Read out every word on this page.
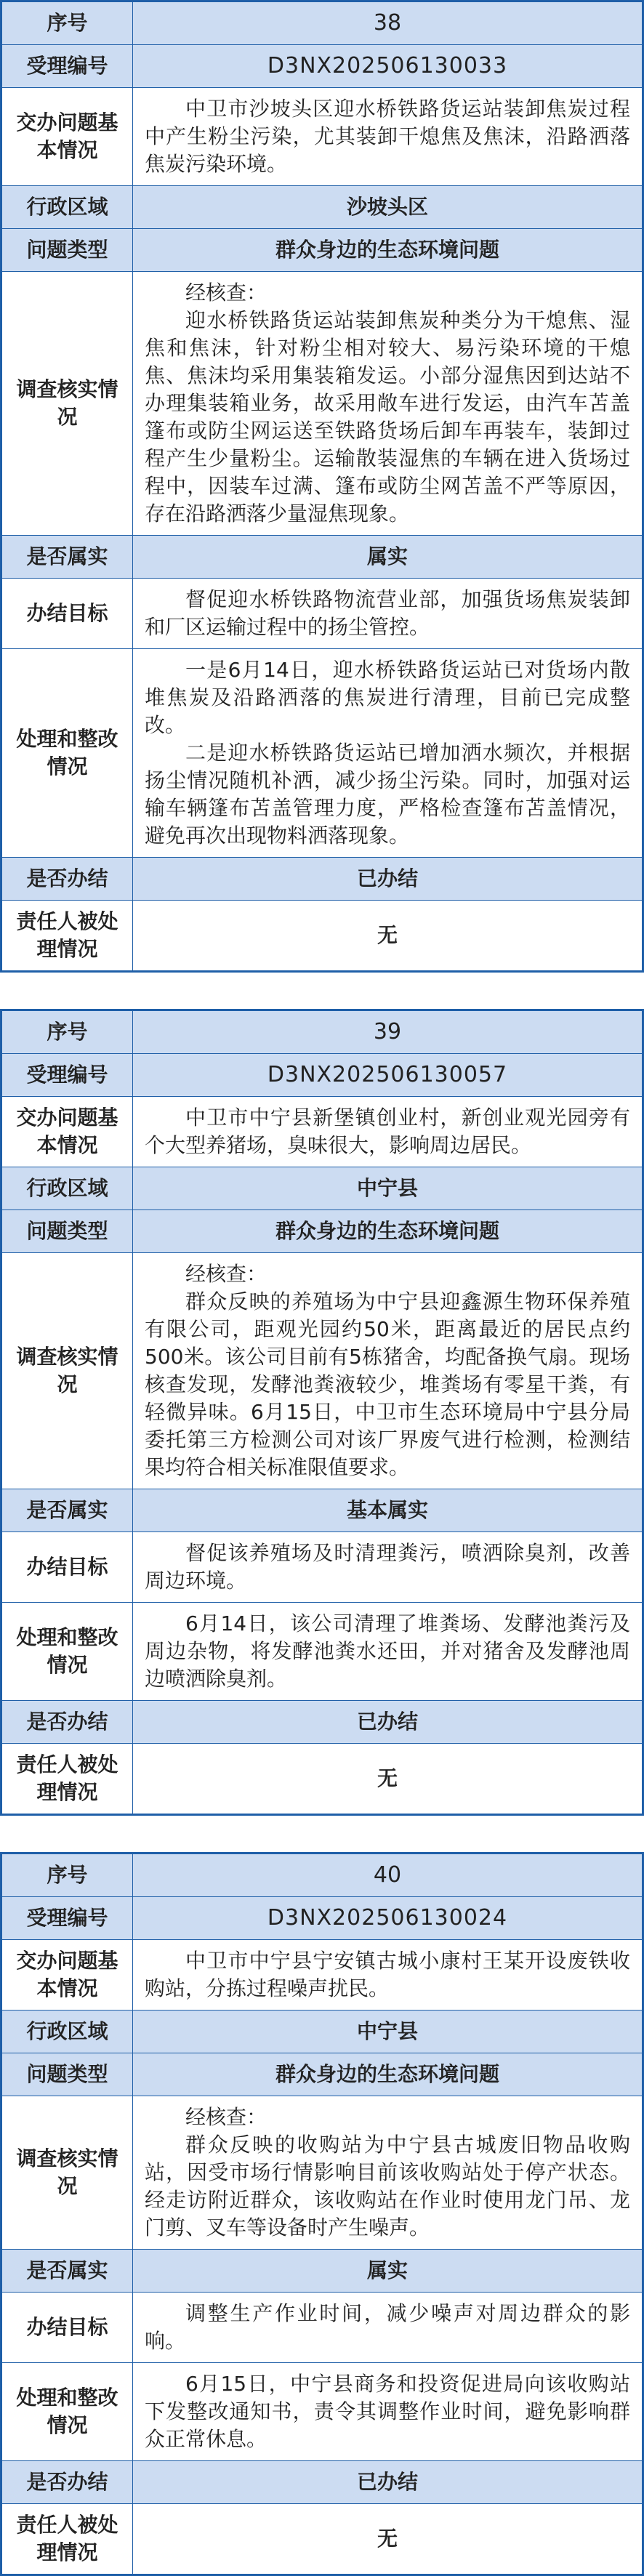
序号	38
受理编号	D3NX202506130033
交办问题基本情况	中卫市沙坡头区迎水桥铁路货运站装卸焦炭过程中产生粉尘污染，尤其装卸干熄焦及焦沫，沿路洒落焦炭污染环境。
行政区域	沙坡头区
问题类型	群众身边的生态环境问题
调查核实情况	经核查：
迎水桥铁路货运站装卸焦炭种类分为干熄焦、湿焦和焦沫，针对粉尘相对较大、易污染环境的干熄焦、焦沫均采用集装箱发运。小部分湿焦因到达站不办理集装箱业务，故采用敞车进行发运，由汽车苫盖篷布或防尘网运送至铁路货场后卸车再装车，装卸过程产生少量粉尘。运输散装湿焦的车辆在进入货场过程中，因装车过满、篷布或防尘网苫盖不严等原因，存在沿路洒落少量湿焦现象。

是否属实	属实
办结目标	督促迎水桥铁路物流营业部，加强货场焦炭装卸和厂区运输过程中的扬尘管控。
处理和整改情况	一是6月14日，迎水桥铁路货运站已对货场内散堆焦炭及沿路洒落的焦炭进行清理，目前已完成整改。
二是迎水桥铁路货运站已增加洒水频次，并根据扬尘情况随机补洒，减少扬尘污染。同时，加强对运输车辆篷布苫盖管理力度，严格检查篷布苫盖情况，避免再次出现物料洒落现象。

是否办结	已办结
责任人被处理情况	无
序号	39
受理编号	D3NX202506130057
交办问题基本情况	中卫市中宁县新堡镇创业村，新创业观光园旁有个大型养猪场，臭味很大，影响周边居民。
行政区域	中宁县
问题类型	群众身边的生态环境问题
调查核实情况	经核查：
群众反映的养殖场为中宁县迎鑫源生物环保养殖有限公司，距观光园约50米，距离最近的居民点约500米。该公司目前有5栋猪舍，均配备换气扇。现场核查发现，发酵池粪液较少，堆粪场有零星干粪，有轻微异味。6月15日，中卫市生态环境局中宁县分局委托第三方检测公司对该厂界废气进行检测，检测结果均符合相关标准限值要求。

是否属实	基本属实
办结目标	督促该养殖场及时清理粪污，喷洒除臭剂，改善周边环境。
处理和整改情况	6月14日，该公司清理了堆粪场、发酵池粪污及周边杂物，将发酵池粪水还田，并对猪舍及发酵池周边喷洒除臭剂。

是否办结	已办结
责任人被处理情况	无
序号	40
受理编号	D3NX202506130024
交办问题基本情况	中卫市中宁县宁安镇古城小康村王某开设废铁收购站，分拣过程噪声扰民。
行政区域	中宁县
问题类型	群众身边的生态环境问题
调查核实情况	经核查：
群众反映的收购站为中宁县古城废旧物品收购站，因受市场行情影响目前该收购站处于停产状态。经走访附近群众，该收购站在作业时使用龙门吊、龙门剪、叉车等设备时产生噪声。

是否属实	属实
办结目标	调整生产作业时间，减少噪声对周边群众的影响。
处理和整改情况	6月15日，中宁县商务和投资促进局向该收购站下发整改通知书，责令其调整作业时间，避免影响群众正常休息。

是否办结	已办结
责任人被处理情况	无
